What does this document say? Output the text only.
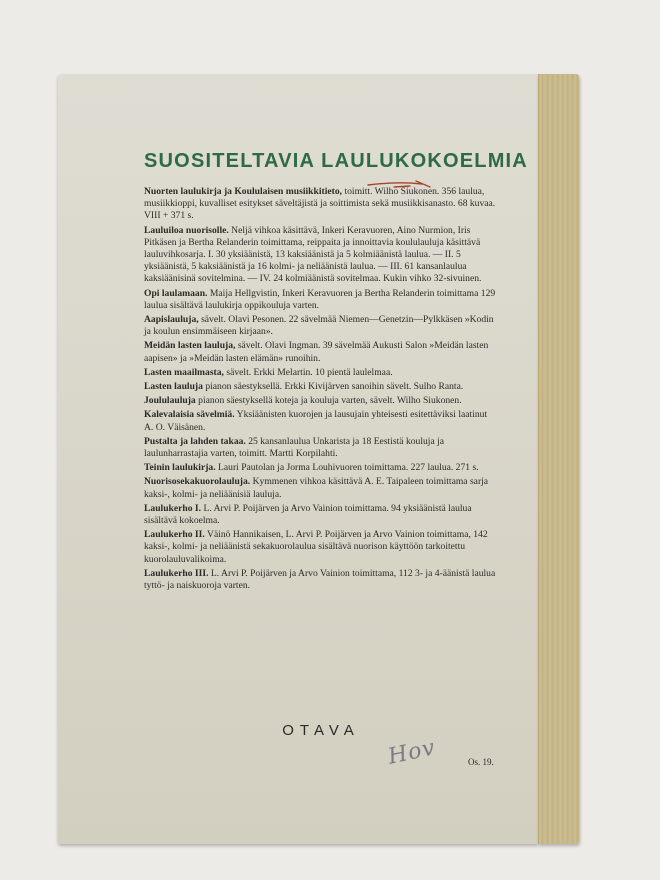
SUOSITELTAVIA LAULUKOKOELMIA

Nuorten laulukirja ja Koululaisen musiikkitieto, toimitt. Wilho Siukonen. 356 laulua, musiikkioppi, kuvalliset esitykset säveltäjistä ja soittimista sekä musiikkisanasto. 68 kuvaa. VIII + 371 s.

Lauluiloa nuorisolle. Neljä vihkoa käsittävä, Inkeri Keravuoren, Aino Nurmion, Iris Pitkäsen ja Bertha Relanderin toimittama, reippaita ja innoittavia koululauluja käsittävä lauluvihkosarja. I. 30 yksiäänistä, 13 kaksiäänistä ja 5 kolmiäänistä laulua. — II. 5 yksiäänistä, 5 kaksiäänistä ja 16 kolmi- ja neliäänistä laulua. — III. 61 kansanlaulua kaksiäänisinä sovitelmina. — IV. 24 kolmiäänistä sovitelmaa. Kukin vihko 32-sivuinen.

Opi laulamaan. Maija Hellgvistin, Inkeri Keravuoren ja Bertha Relanderin toimittama 129 laulua sisältävä laulukirja oppikouluja varten.

Aapislauluja, sävelt. Olavi Pesonen. 22 sävelmää Niemen—Genetzin—Pylkkäsen »Kodin ja koulun ensimmäiseen kirjaan».

Meidän lasten lauluja, sävelt. Olavi Ingman. 39 sävelmää Aukusti Salon »Meidän lasten aapisen» ja »Meidän lasten elämän» runoihin.

Lasten maailmasta, sävelt. Erkki Melartin. 10 pientä laulelmaa.

Lasten lauluja pianon säestyksellä. Erkki Kivijärven sanoihin sävelt. Sulho Ranta.

Joululauluja pianon säestyksellä koteja ja kouluja varten, sävelt. Wilho Siukonen.

Kalevalaisia sävelmiä. Yksiäänisten kuorojen ja lausujain yhteisesti esitettäviksi laatinut A. O. Väisänen.

Pustalta ja lahden takaa. 25 kansanlaulua Unkarista ja 18 Eestistä kouluja ja laulunharrastajia varten, toimitt. Martti Korpilahti.

Teinin laulukirja. Lauri Pautolan ja Jorma Louhivuoren toimittama. 227 laulua. 271 s.

Nuorisosekakuorolauluja. Kymmenen vihkoa käsittävä A. E. Taipaleen toimittama sarja kaksi-, kolmi- ja neliäänisiä lauluja.

Laulukerho I. L. Arvi P. Poijärven ja Arvo Vainion toimittama. 94 yksiäänistä laulua sisältävä kokoelma.

Laulukerho II. Väinö Hannikaisen, L. Arvi P. Poijärven ja Arvo Vainion toimittama, 142 kaksi-, kolmi- ja neliäänistä sekakuorolaulua sisältävä nuorison käyttöön tarkoitettu kuorolauluvalikoima.

Laulukerho III. L. Arvi P. Poijärven ja Arvo Vainion toimittama, 112 3- ja 4-äänistä laulua tyttö- ja naiskuoroja varten.

OTAVA

Hov	Os. 19.
